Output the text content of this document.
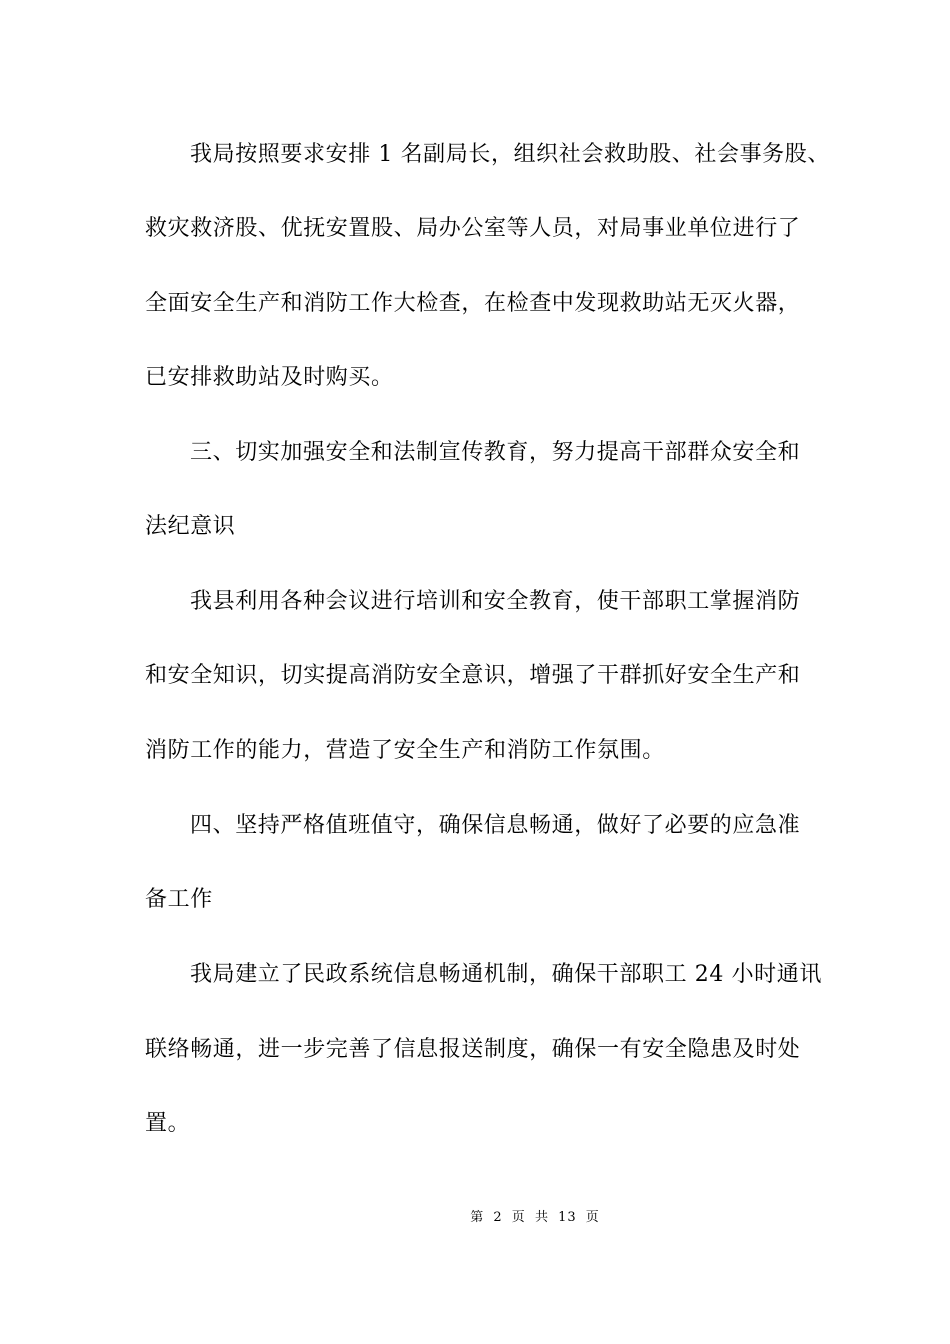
我局按照要求安排 1 名副局长，组织社会救助股、社会事务股、
救灾救济股、优抚安置股、局办公室等人员，对局事业单位进行了
全面安全生产和消防工作大检查，在检查中发现救助站无灭火器，
已安排救助站及时购买。
三、切实加强安全和法制宣传教育，努力提高干部群众安全和
法纪意识
我县利用各种会议进行培训和安全教育，使干部职工掌握消防
和安全知识，切实提高消防安全意识，增强了干群抓好安全生产和
消防工作的能力，营造了安全生产和消防工作氛围。
四、坚持严格值班值守，确保信息畅通，做好了必要的应急准
备工作
我局建立了民政系统信息畅通机制，确保干部职工 24 小时通讯
联络畅通，进一步完善了信息报送制度，确保一有安全隐患及时处
置。
第 2 页 共 13 页
